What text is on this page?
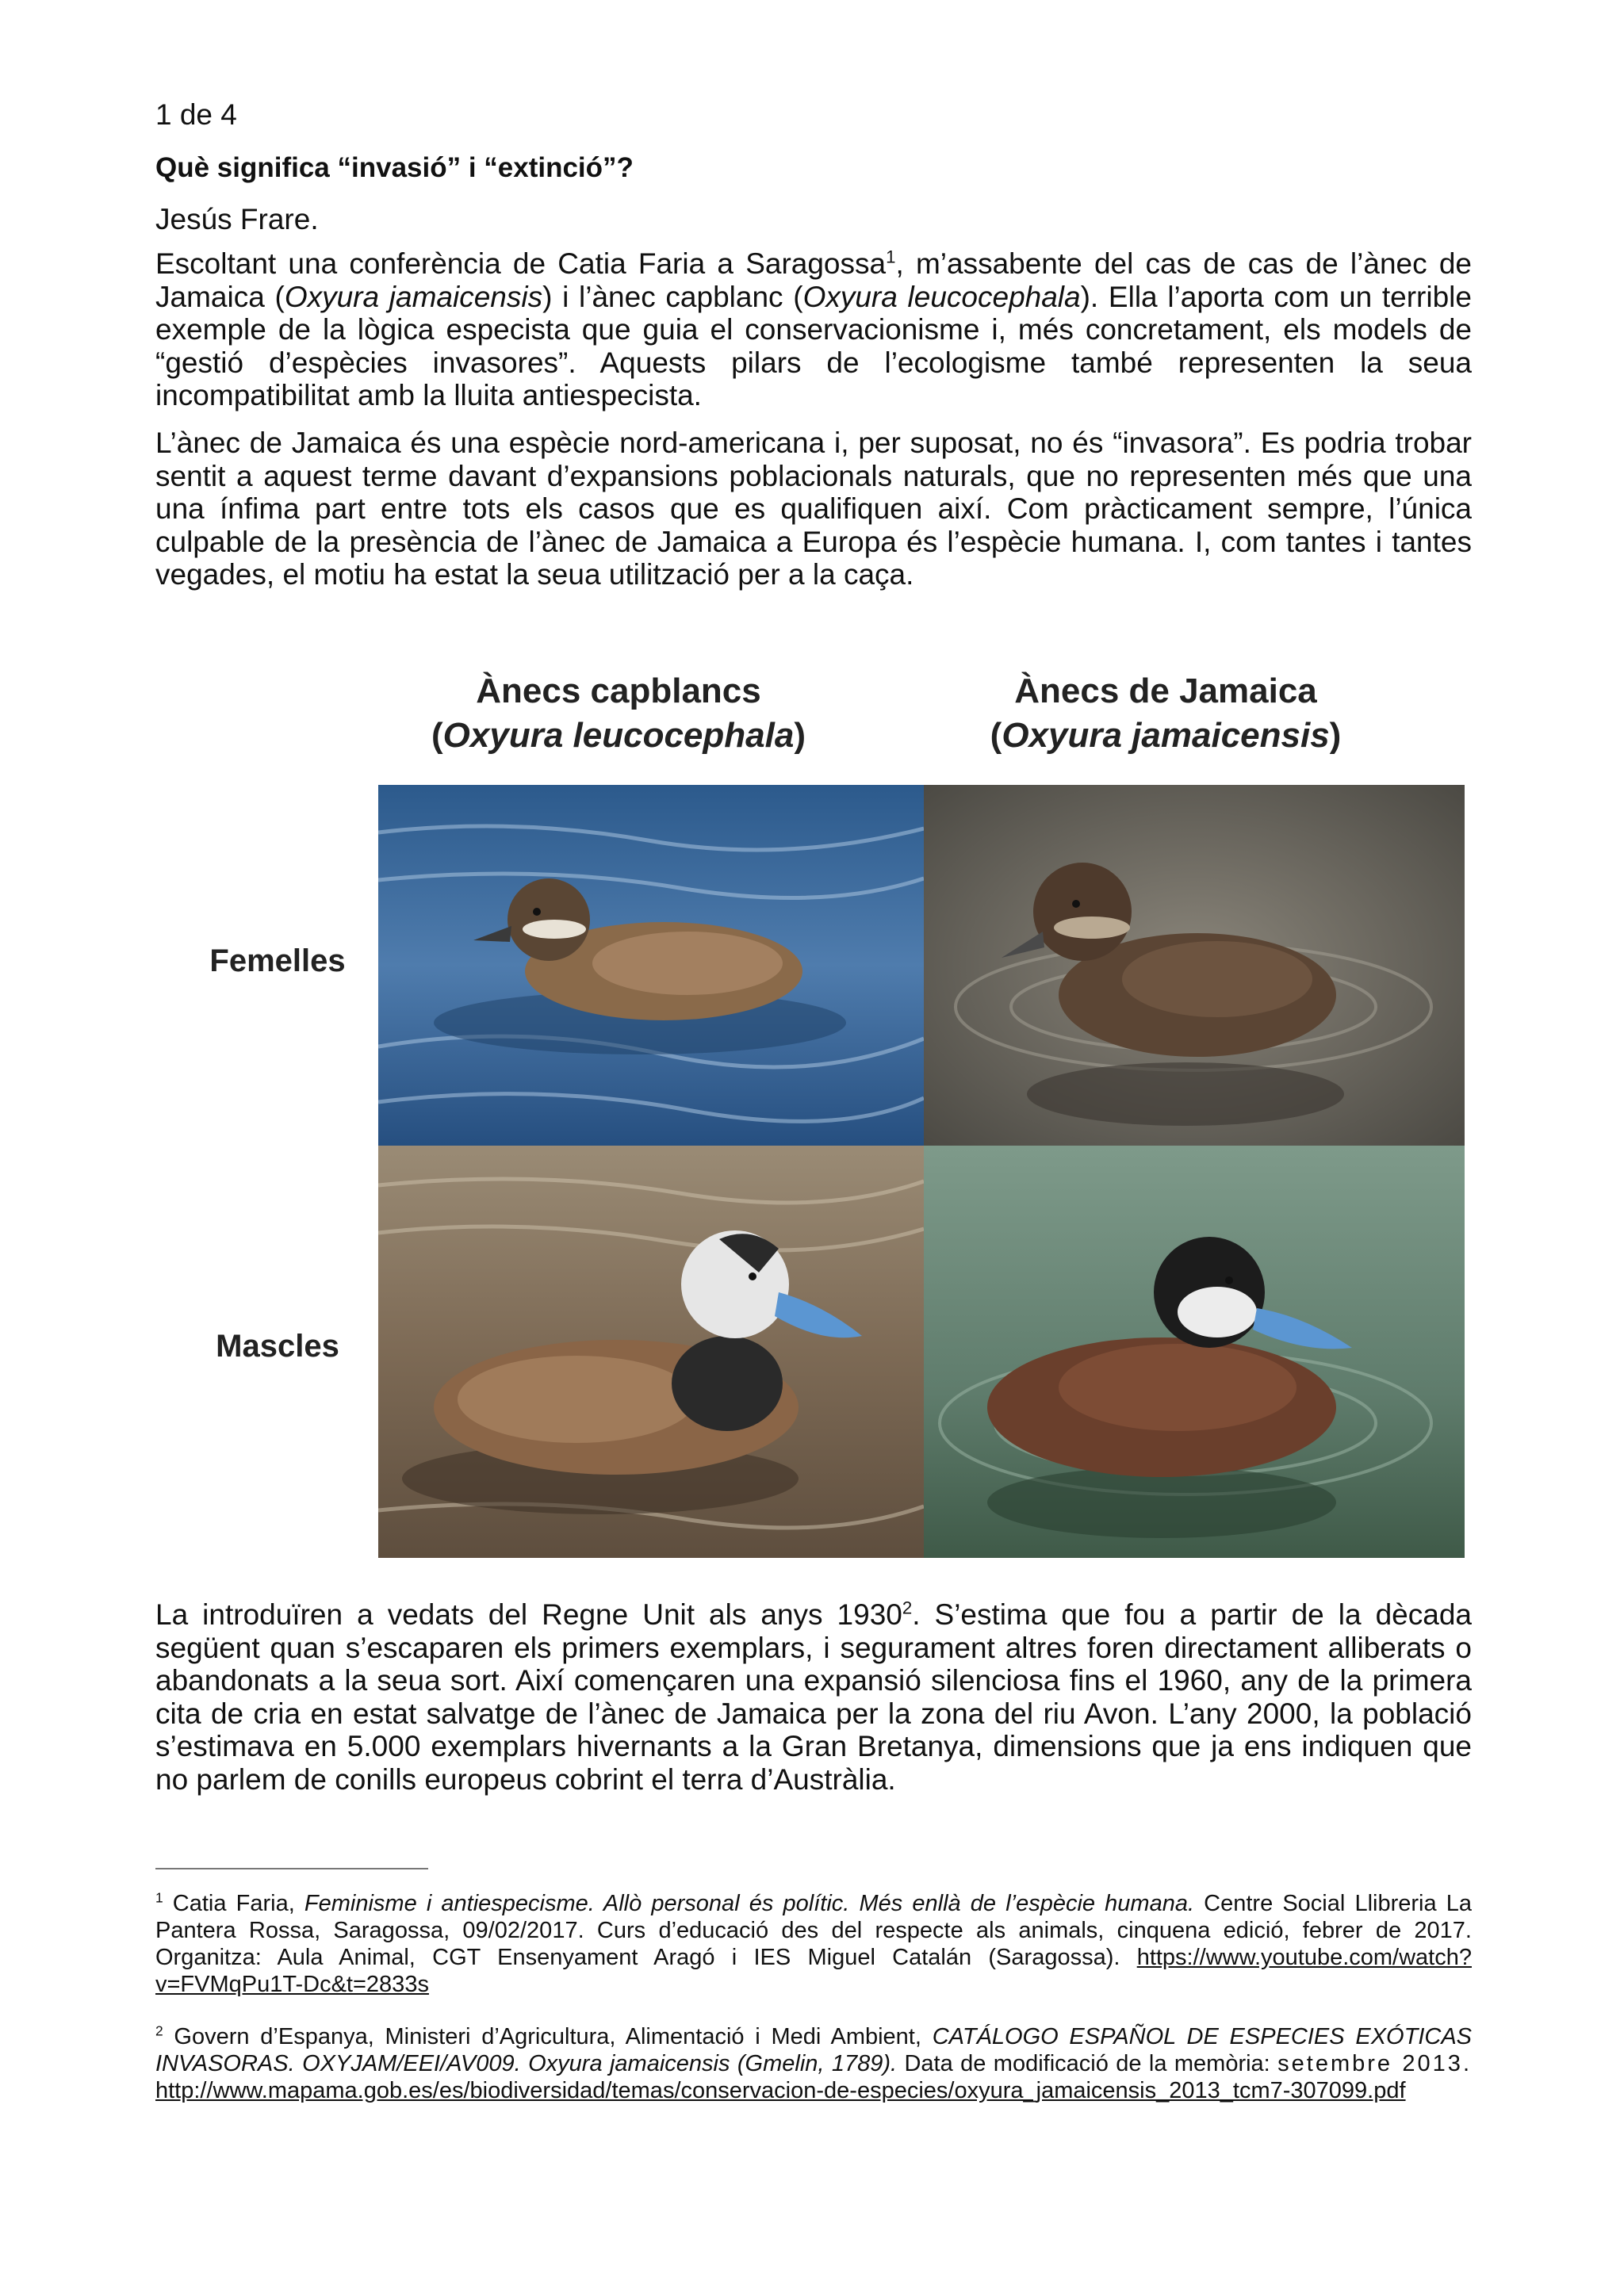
1 de 4
Què significa “invasió” i “extinció”?
Jesús Frare.

Escoltant una conferència de Catia Faria a Saragossa$^1$, m’assabente del cas de cas de l’ànec de Jamaica (Oxyura jamaicensis) i l’ànec capblanc (Oxyura leucocephala). Ella l’aporta com un terrible exemple de la lògica especista que guia el conservacionisme i, més concretament, els models de “gestió d’espècies invasores”. Aquests pilars de l’ecologisme també representen la seua incompatibilitat amb la lluita antiespecista.

L’ànec de Jamaica és una espècie nord-americana i, per suposat, no és “invasora”. Es podria trobar sentit a aquest terme davant d’expansions poblacionals naturals, que no representen més que una una ínfima part entre tots els casos que es qualifiquen així. Com pràcticament sempre, l’única culpable de la presència de l’ànec de Jamaica a Europa és l’espècie humana. I, com tantes i tantes vegades, el motiu ha estat la seua utilització per a la caça.

Ànecs capblancs
(Oxyura leucocephala)
Ànecs de Jamaica
(Oxyura jamaicensis)
Femelles
Mascles

La introduïren a vedats del Regne Unit als anys 1930$^2$. S’estima que fou a partir de la dècada següent quan s’escaparen els primers exemplars, i segurament altres foren directament alliberats o abandonats a la seua sort. Així començaren una expansió silenciosa fins el 1960, any de la primera cita de cria en estat salvatge de l’ànec de Jamaica per la zona del riu Avon. L’any 2000, la població s’estimava en 5.000 exemplars hivernants a la Gran Bretanya, dimensions que ja ens indiquen que no parlem de conills europeus cobrint el terra d’Austràlia.

$^1$ Catia Faria, Feminisme i antiespecisme. Allò personal és polític. Més enllà de l’espècie humana. Centre Social Llibreria La Pantera Rossa, Saragossa, 09/02/2017. Curs d’educació des del respecte als animals, cinquena edició, febrer de 2017. Organitza: Aula Animal, CGT Ensenyament Aragó i IES Miguel Catalán (Saragossa). https://www.youtube.com/watch?v=FVMqPu1T-Dc&t=2833s

$^2$ Govern d’Espanya, Ministeri d’Agricultura, Alimentació i Medi Ambient, CATÁLOGO ESPAÑOL DE ESPECIES EXÓTICAS INVASORAS. OXYJAM/EEI/AV009. Oxyura jamaicensis (Gmelin, 1789). Data de modificació de la memòria: setembre 2013. http://www.mapama.gob.es/es/biodiversidad/temas/conservacion-de-especies/oxyura_jamaicensis_2013_tcm7-307099.pdf
